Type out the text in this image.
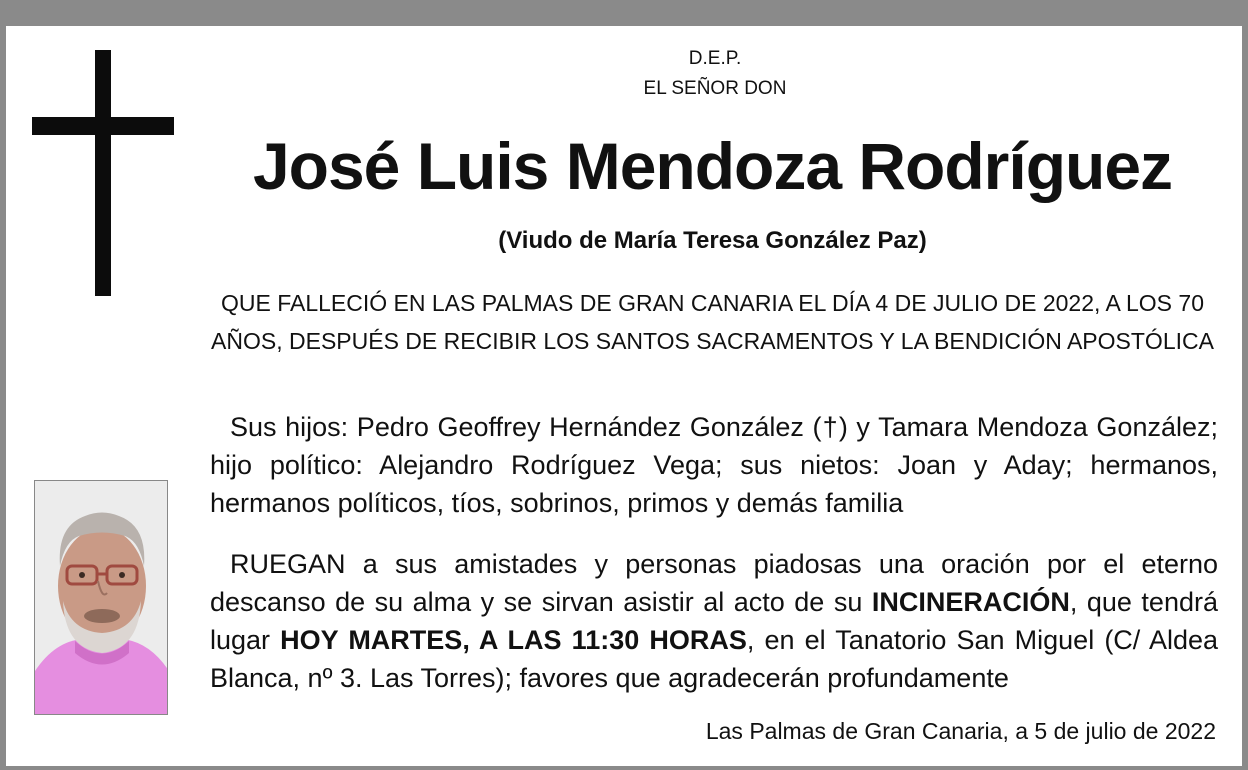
D.E.P.
EL SEÑOR DON
José Luis Mendoza Rodríguez
(Viudo de María Teresa González Paz)
QUE FALLECIÓ EN LAS PALMAS DE GRAN CANARIA EL DÍA 4 DE JULIO DE 2022, A LOS 70 AÑOS, DESPUÉS DE RECIBIR LOS SANTOS SACRAMENTOS Y LA BENDICIÓN APOSTÓLICA
Sus hijos: Pedro Geoffrey Hernández González (†) y Tamara Mendoza González; hijo político: Alejandro Rodríguez Vega; sus nietos: Joan y Aday; hermanos, hermanos políticos, tíos, sobrinos, primos y demás familia
RUEGAN a sus amistades y personas piadosas una oración por el eterno descanso de su alma y se sirvan asistir al acto de su INCINERACIÓN, que tendrá lugar HOY MARTES, A LAS 11:30 HORAS, en el Tanatorio San Miguel (C/ Aldea Blanca, nº 3. Las Torres); favores que agradecerán profundamente
Las Palmas de Gran Canaria, a 5 de julio de 2022
